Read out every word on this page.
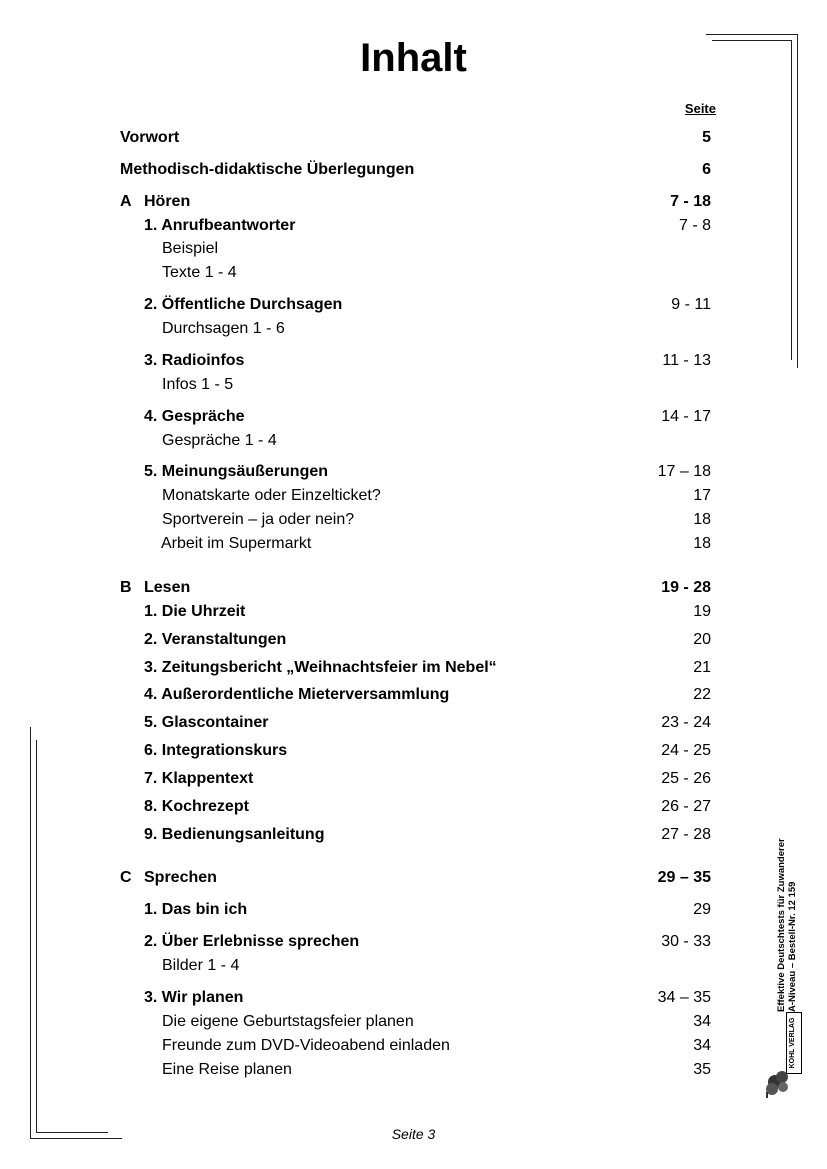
Inhalt
Seite
Vorwort	5
Methodisch-didaktische Überlegungen	6
A Hören	7 - 18
1. Anrufbeantworter	7 - 8
Beispiel
Texte 1 - 4
2. Öffentliche Durchsagen	9 - 11
Durchsagen 1 - 6
3. Radioinfos	11 - 13
Infos 1 - 5
4. Gespräche	14 - 17
Gespräche 1 - 4
5. Meinungsäußerungen	17 – 18
Monatskarte oder Einzelticket?	17
Sportverein – ja oder nein?	18
Arbeit im Supermarkt	18
B Lesen	19 - 28
1. Die Uhrzeit	19
2. Veranstaltungen	20
3. Zeitungsbericht „Weihnachtsfeier im Nebel“	21
4. Außerordentliche Mieterversammlung	22
5. Glascontainer	23 - 24
6. Integrationskurs	24 - 25
7. Klappentext	25 - 26
8. Kochrezept	26 - 27
9. Bedienungsanleitung	27 - 28
C Sprechen	29 – 35
1. Das bin ich	29
2. Über Erlebnisse sprechen	30 - 33
Bilder 1 - 4
3. Wir planen	34 – 35
Die eigene Geburtstagsfeier planen	34
Freunde zum DVD-Videoabend einladen	34
Eine Reise planen	35
Effektive Deutschtests für Zuwanderer A-Niveau – Bestell-Nr. 12 159
KOHL VERLAG
Seite 3
